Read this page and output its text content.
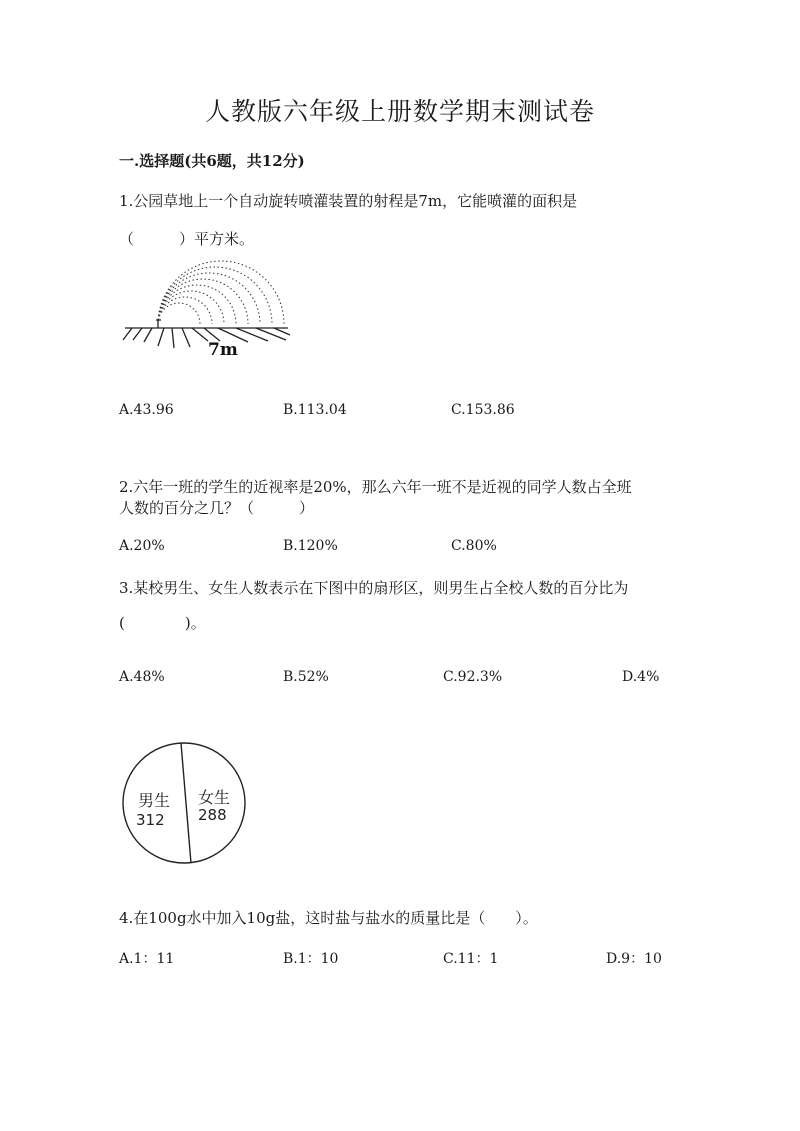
人教版六年级上册数学期末测试卷
一.选择题(共6题，共12分)
1.公园草地上一个自动旋转喷灌装置的射程是7m，它能喷灌的面积是
（　　　）平方米。
7m
A.43.96	B.113.04	C.153.86
2.六年一班的学生的近视率是20%，那么六年一班不是近视的同学人数占全班
人数的百分之几？（　　　）
A.20%	B.120%	C.80%
3.某校男生、女生人数表示在下图中的扇形区，则男生占全校人数的百分比为
(　　　　)。
A.48%	B.52%	C.92.3%	D.4%
男生
312
女生
288
4.在100g水中加入10g盐，这时盐与盐水的质量比是（　　）。
A.1：11	B.1：10	C.11：1	D.9：10
